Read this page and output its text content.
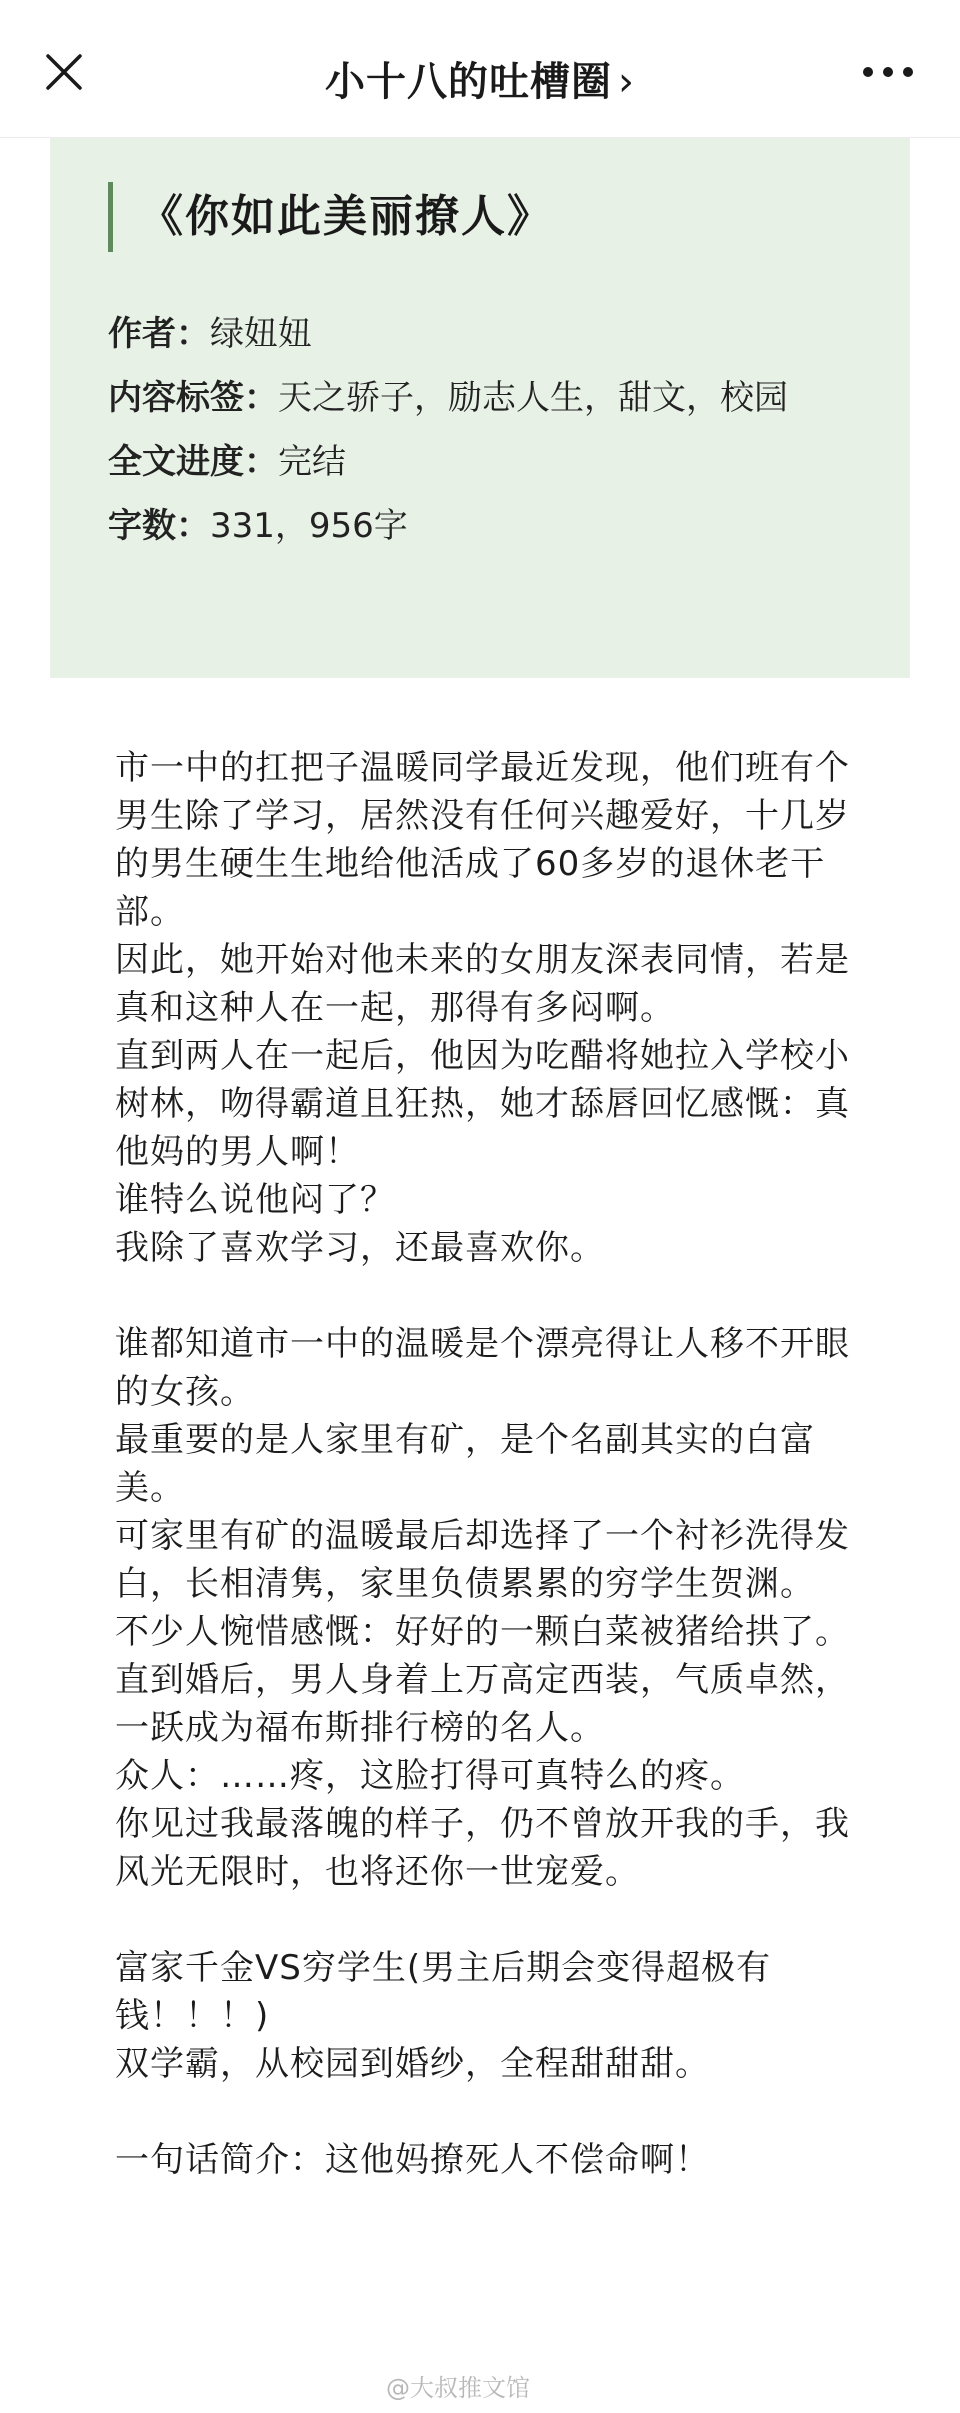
小十八的吐槽圈 ›
《你如此美丽撩人》
作者：绿妞妞
内容标签：天之骄子，励志人生，甜文，校园
全文进度：完结
字数：331，956字

市一中的扛把子温暖同学最近发现，他们班有个男生除了学习，居然没有任何兴趣爱好，十几岁的男生硬生生地给他活成了60多岁的退休老干部。

因此，她开始对他未来的女朋友深表同情，若是真和这种人在一起，那得有多闷啊。

直到两人在一起后，他因为吃醋将她拉入学校小树林，吻得霸道且狂热，她才舔唇回忆感慨：真他妈的男人啊！

谁特么说他闷了？

我除了喜欢学习，还最喜欢你。

谁都知道市一中的温暖是个漂亮得让人移不开眼的女孩。

最重要的是人家里有矿，是个名副其实的白富美。

可家里有矿的温暖最后却选择了一个衬衫洗得发白，长相清隽，家里负债累累的穷学生贺渊。

不少人惋惜感慨：好好的一颗白菜被猪给拱了。

直到婚后，男人身着上万高定西装，气质卓然，一跃成为福布斯排行榜的名人。

众人：……疼，这脸打得可真特么的疼。

你见过我最落魄的样子，仍不曾放开我的手，我风光无限时，也将还你一世宠爱。

富家千金VS穷学生(男主后期会变得超极有钱！！！)

双学霸，从校园到婚纱，全程甜甜甜。

一句话简介：这他妈撩死人不偿命啊！

@大叔推文馆
